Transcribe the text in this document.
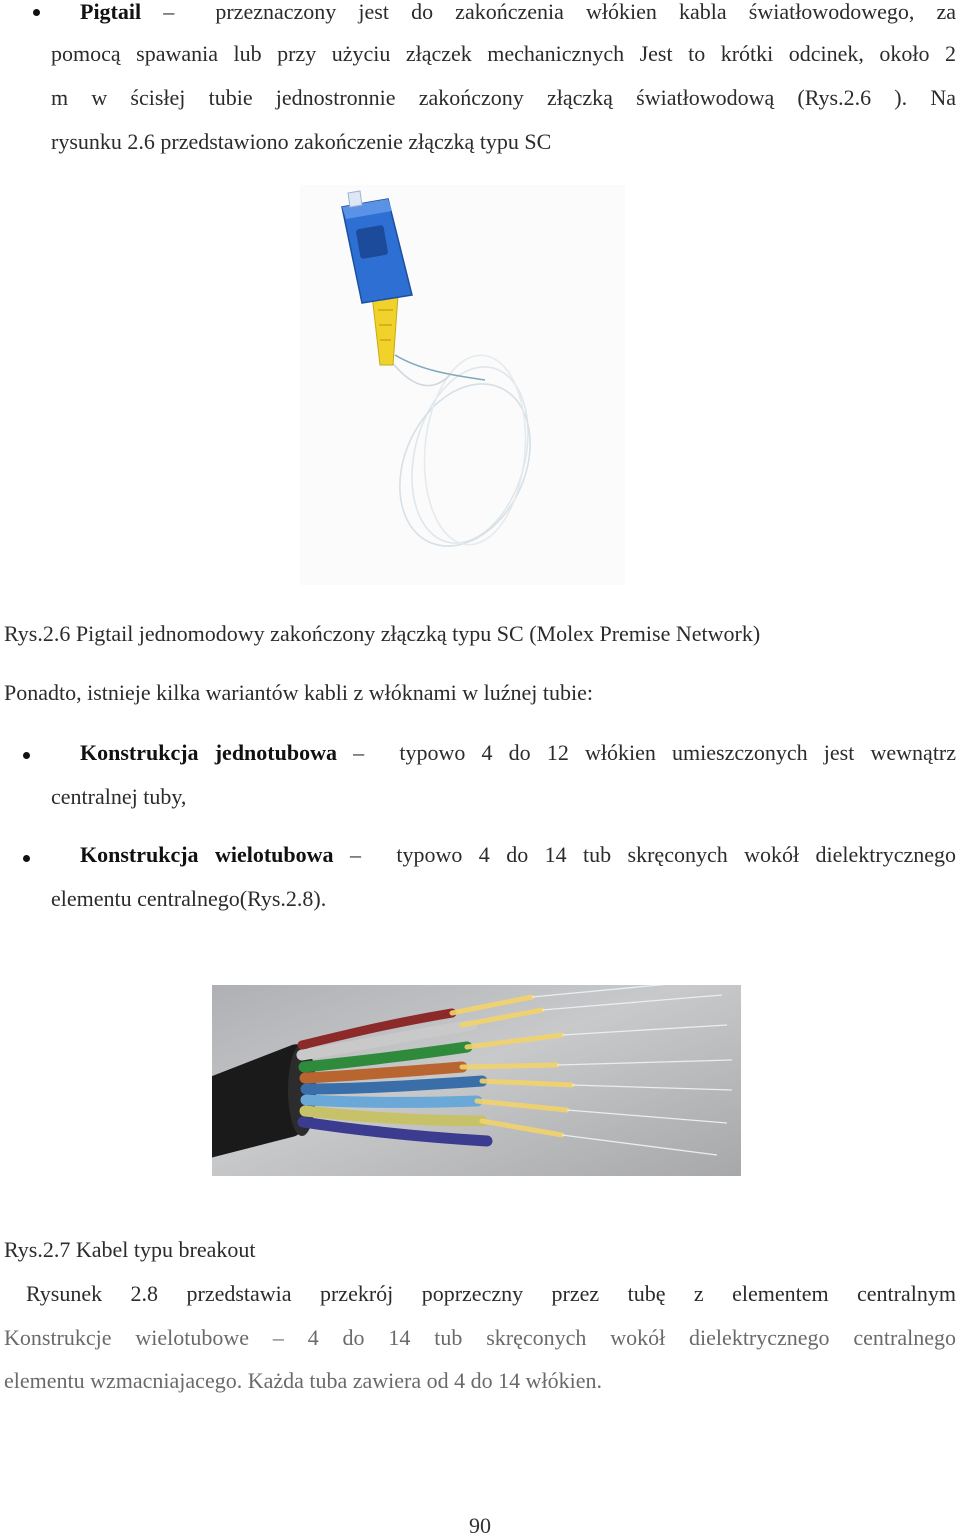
Pigtail – przeznaczony jest do zakończenia włókien kabla światłowodowego, za
pomocą spawania lub przy użyciu złączek mechanicznych Jest to krótki odcinek, około 2
m w ścisłej tubie jednostronnie zakończony złączką światłowodową (Rys.2.6 ). Na
rysunku 2.6 przedstawiono zakończenie złączką typu SC
Rys.2.6 Pigtail jednomodowy zakończony złączką typu SC (Molex Premise Network)
Ponadto, istnieje kilka wariantów kabli z włóknami w luźnej tubie:
Konstrukcja jednotubowa – typowo 4 do 12 włókien umieszczonych jest wewnątrz
centralnej tuby,
Konstrukcja wielotubowa – typowo 4 do 14 tub skręconych wokół dielektrycznego
elementu centralnego(Rys.2.8).
Rys.2.7 Kabel typu breakout
Rysunek 2.8 przedstawia przekrój poprzeczny przez tubę z elementem centralnym
Konstrukcje wielotubowe – 4 do 14 tub skręconych wokół dielektrycznego centralnego
elementu wzmacniajacego. Każda tuba zawiera od 4 do 14 włókien.
90
